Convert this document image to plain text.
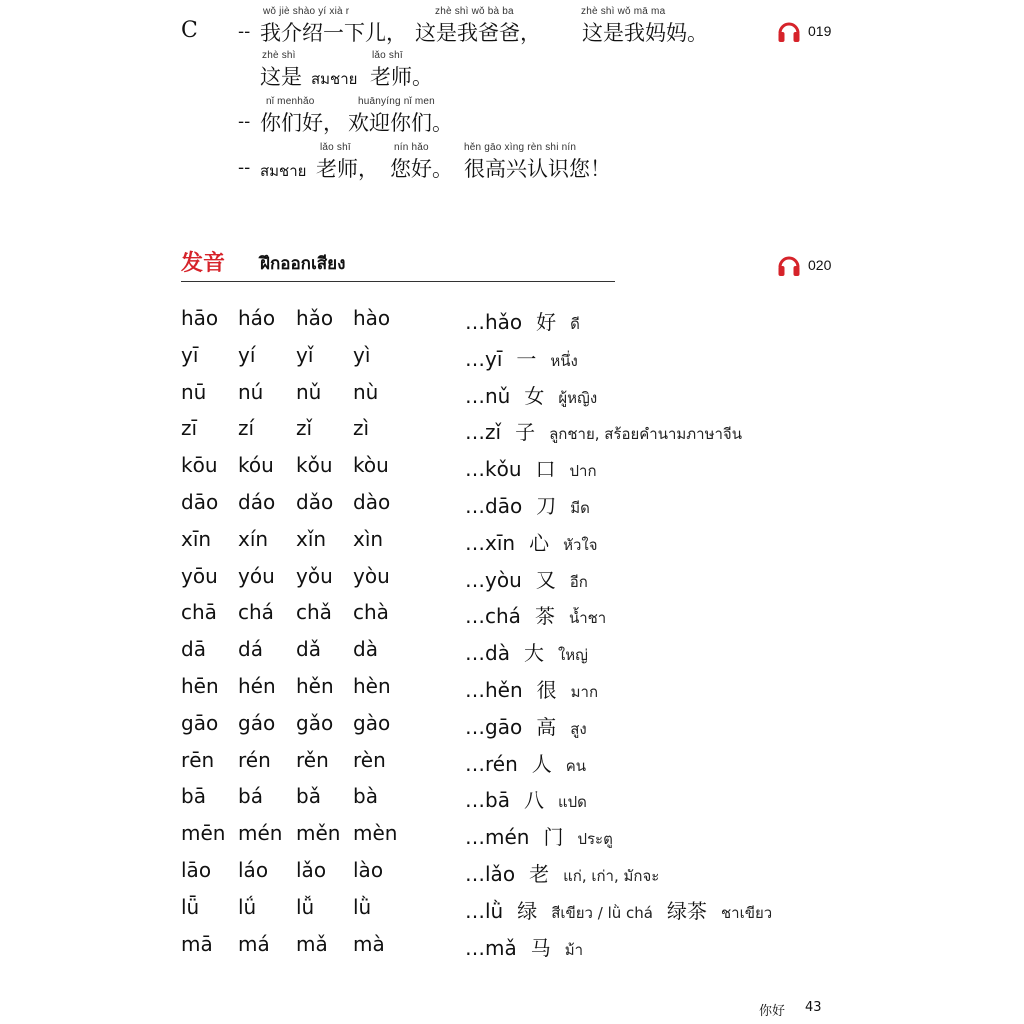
C	019
--
wǒ jiè shào yí xià r
我介绍一下儿，
zhè shì wǒ bà ba
这是我爸爸，
zhè shì wǒ mā ma
这是我妈妈。
zhè shì
这是 สมชาย
lǎo shī
老师。
--
nǐ menhǎo
你们好，
huānyíng nǐ men
欢迎你们。
-- สมชาย
lǎo shī
老师，
nín hǎo
您好。
hěn gāo xìng rèn shi nín
很高兴认识您！
发音 ฝึกออกเสียง	020
hāo háo hǎo hào	…hǎo 好 ดี
yī yí yǐ yì	…yī 一 หนึ่ง
nū nú nǔ nù	…nǔ 女 ผู้หญิง
zī zí zǐ zì	…zǐ 子 ลูกชาย, สร้อยคำนามภาษาจีน
kōu kóu kǒu kòu	…kǒu 口 ปาก
dāo dáo dǎo dào	…dāo 刀 มีด
xīn xín xǐn xìn	…xīn 心 หัวใจ
yōu yóu yǒu yòu	…yòu 又 อีก
chā chá chǎ chà	…chá 茶 น้ำชา
dā dá dǎ dà	…dà 大 ใหญ่
hēn hén hěn hèn	…hěn 很 มาก
gāo gáo gǎo gào	…gāo 高 สูง
rēn rén rěn rèn	…rén 人 คน
bā bá bǎ bà	…bā 八 แปด
mēn mén měn mèn	…mén 门 ประตู
lāo láo lǎo lào	…lǎo 老 แก่, เก่า, มักจะ
lǖ lǘ lǚ lǜ	…lǜ 绿 สีเขียว / lǜ chá 绿茶 ชาเขียว
mā má mǎ mà	…mǎ 马 ม้า
你好 43
